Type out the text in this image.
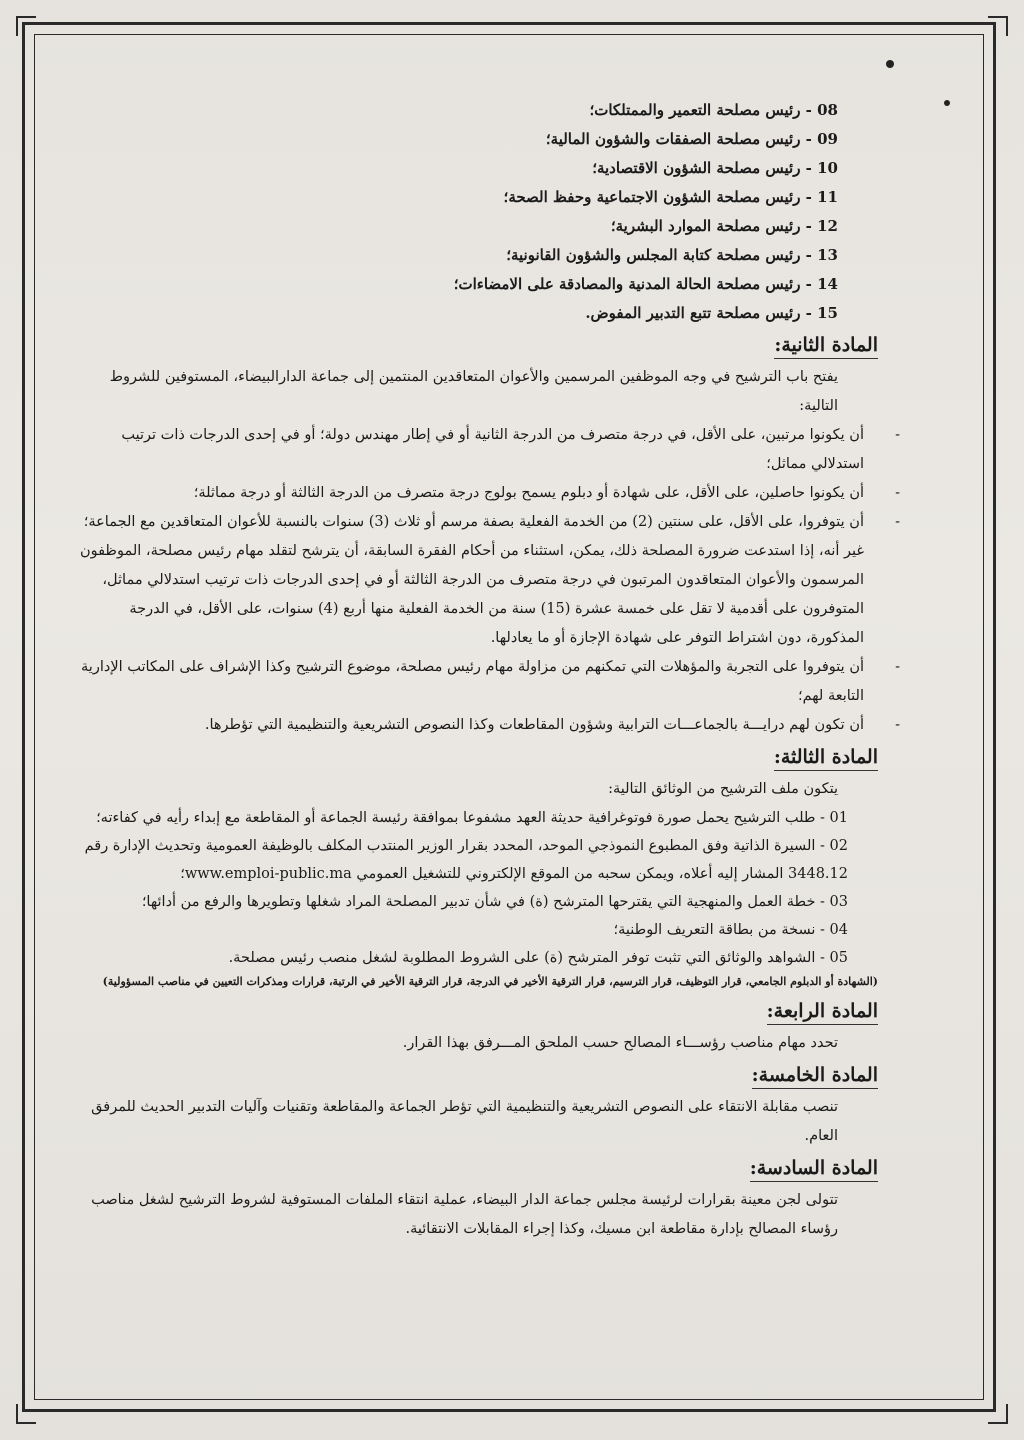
08 - رئيس مصلحة التعمير والممتلكات؛
09 - رئيس مصلحة الصفقات والشؤون المالية؛
10 - رئيس مصلحة الشؤون الاقتصادية؛
11 - رئيس مصلحة الشؤون الاجتماعية وحفظ الصحة؛
12 - رئيس مصلحة الموارد البشرية؛
13 - رئيس مصلحة كتابة المجلس والشؤون القانونية؛
14 - رئيس مصلحة الحالة المدنية والمصادقة على الامضاءات؛
15 - رئيس مصلحة تتبع التدبير المفوض.
المادة الثانية:

يفتح باب الترشيح في وجه الموظفين المرسمين والأعوان المتعاقدين المنتمين إلى جماعة الدارالبيضاء، المستوفين للشروط التالية:

-
أن يكونوا مرتبين، على الأقل، في درجة متصرف من الدرجة الثانية أو في إطار مهندس دولة؛ أو في إحدى الدرجات ذات ترتيب استدلالي مماثل؛
-
أن يكونوا حاصلين، على الأقل، على شهادة أو دبلوم يسمح بولوج درجة متصرف من الدرجة الثالثة أو درجة مماثلة؛
-
أن يتوفروا، على الأقل، على سنتين (2) من الخدمة الفعلية بصفة مرسم أو ثلاث (3) سنوات بالنسبة للأعوان المتعاقدين مع الجماعة؛

غير أنه، إذا استدعت ضرورة المصلحة ذلك، يمكن، استثناء من أحكام الفقرة السابقة، أن يترشح لتقلد مهام رئيس مصلحة، الموظفون المرسمون والأعوان المتعاقدون المرتبون في درجة متصرف من الدرجة الثالثة أو في إحدى الدرجات ذات ترتيب استدلالي مماثل، المتوفرون على أقدمية لا تقل على خمسة عشرة (15) سنة من الخدمة الفعلية منها أربع (4) سنوات، على الأقل، في الدرجة المذكورة، دون اشتراط التوفر على شهادة الإجازة أو ما يعادلها.

-
أن يتوفروا على التجربة والمؤهلات التي تمكنهم من مزاولة مهام رئيس مصلحة، موضوع الترشيح وكذا الإشراف على المكاتب الإدارية التابعة لهم؛
-
أن تكون لهم درايـــة بالجماعـــات الترابية وشؤون المقاطعات وكذا النصوص التشريعية والتنظيمية التي تؤطرها.
المادة الثالثة:

يتكون ملف الترشيح من الوثائق التالية:

01 - طلب الترشيح يحمل صورة فوتوغرافية حديثة العهد مشفوعا بموافقة رئيسة الجماعة أو المقاطعة مع إبداء رأيه في كفاءته؛
02 - السيرة الذاتية وفق المطبوع النموذجي الموحد، المحدد بقرار الوزير المنتدب المكلف بالوظيفة العمومية وتحديث الإدارة رقم 3448.12 المشار إليه أعلاه، ويمكن سحبه من الموقع الإلكتروني للتشغيل العمومي www.emploi-public.ma؛
03 - خطة العمل والمنهجية التي يقترحها المترشح (ة) في شأن تدبير المصلحة المراد شغلها وتطويرها والرفع من أدائها؛
04 - نسخة من بطاقة التعريف الوطنية؛
05 - الشواهد والوثائق التي تثبت توفر المترشح (ة) على الشروط المطلوبة لشغل منصب رئيس مصلحة.

(الشهادة أو الدبلوم الجامعي، قرار التوظيف، قرار الترسيم، قرار الترقية الأخير في الدرجة، قرار الترقية الأخير في الرتبة، قرارات ومذكرات التعيين في مناصب المسؤولية)

المادة الرابعة:

تحدد مهام مناصب رؤســـاء المصالح حسب الملحق المـــرفق بهذا القرار.

المادة الخامسة:

تنصب مقابلة الانتقاء على النصوص التشريعية والتنظيمية التي تؤطر الجماعة والمقاطعة وتقنيات وآليات التدبير الحديث للمرفق العام.

المادة السادسة:

تتولى لجن معينة بقرارات لرئيسة مجلس جماعة الدار البيضاء، عملية انتقاء الملفات المستوفية لشروط الترشيح لشغل مناصب رؤساء المصالح بإدارة مقاطعة ابن مسيك، وكذا إجراء المقابلات الانتقائية.
